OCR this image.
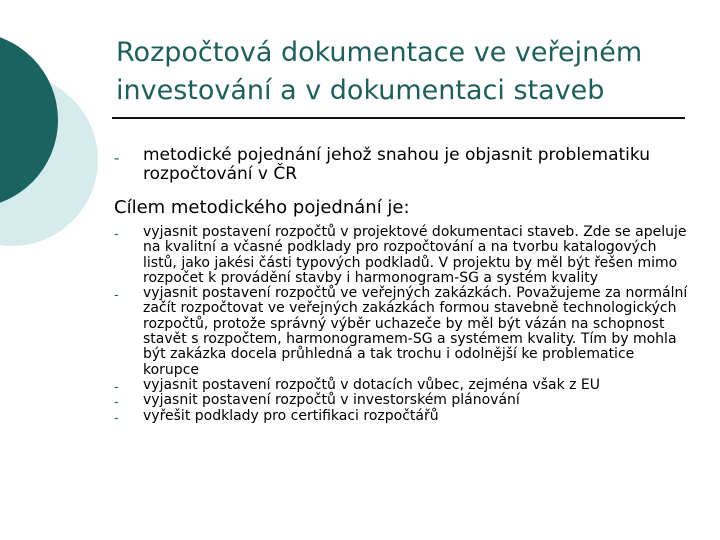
Rozpočtová dokumentace ve veřejném
investování a v dokumentaci staveb
- metodické pojednání jehož snahou je objasnit problematiku rozpočtování v ČR

Cílem metodického pojednání je:

- vyjasnit postavení rozpočtů v projektové dokumentaci staveb. Zde se apeluje na kvalitní a včasné podklady pro rozpočtování a na tvorbu katalogových listů, jako jakési části typových podkladů. V projektu by měl být řešen mimo rozpočet k provádění stavby i harmonogram-SG a systém kvality
- vyjasnit postavení rozpočtů ve veřejných zakázkách. Považujeme za normální začít rozpočtovat ve veřejných zakázkách formou stavebně technologických rozpočtů, protože správný výběr uchazeče by měl být vázán na schopnost stavět s rozpočtem, harmonogramem-SG a systémem kvality. Tím by mohla být zakázka docela průhledná a tak trochu i odolnější ke problematice korupce
- vyjasnit postavení rozpočtů v dotacích vůbec, zejména však z EU
- vyjasnit postavení rozpočtů v investorském plánování
- vyřešit podklady pro certifikaci rozpočtářů
